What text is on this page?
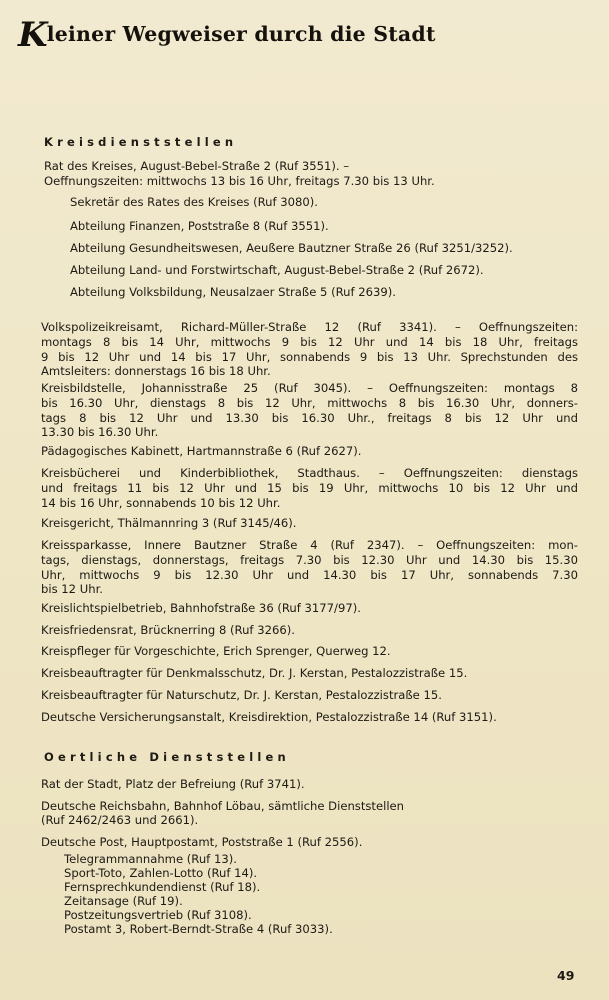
Kleiner Wegweiser durch die Stadt
Kreisdienststellen
Rat des Kreises, August-Bebel-Straße 2 (Ruf 3551). –
Oeffnungszeiten: mittwochs 13 bis 16 Uhr, freitags 7.30 bis 13 Uhr.
Sekretär des Rates des Kreises (Ruf 3080).
Abteilung Finanzen, Poststraße 8 (Ruf 3551).
Abteilung Gesundheitswesen, Aeußere Bautzner Straße 26 (Ruf 3251/3252).
Abteilung Land- und Forstwirtschaft, August-Bebel-Straße 2 (Ruf 2672).
Abteilung Volksbildung, Neusalzaer Straße 5 (Ruf 2639).
Volkspolizeikreisamt, Richard-Müller-Straße 12 (Ruf 3341). – Oeffnungszeiten:
montags 8 bis 14 Uhr, mittwochs 9 bis 12 Uhr und 14 bis 18 Uhr, freitags
9 bis 12 Uhr und 14 bis 17 Uhr, sonnabends 9 bis 13 Uhr. Sprechstunden des
Amtsleiters: donnerstags 16 bis 18 Uhr.
Kreisbildstelle, Johannisstraße 25 (Ruf 3045). – Oeffnungszeiten: montags 8
bis 16.30 Uhr, dienstags 8 bis 12 Uhr, mittwochs 8 bis 16.30 Uhr, donners-
tags 8 bis 12 Uhr und 13.30 bis 16.30 Uhr., freitags 8 bis 12 Uhr und
13.30 bis 16.30 Uhr.
Pädagogisches Kabinett, Hartmannstraße 6 (Ruf 2627).
Kreisbücherei und Kinderbibliothek, Stadthaus. – Oeffnungszeiten: dienstags
und freitags 11 bis 12 Uhr und 15 bis 19 Uhr, mittwochs 10 bis 12 Uhr und
14 bis 16 Uhr, sonnabends 10 bis 12 Uhr.
Kreisgericht, Thälmannring 3 (Ruf 3145/46).
Kreissparkasse, Innere Bautzner Straße 4 (Ruf 2347). – Oeffnungszeiten: mon-
tags, dienstags, donnerstags, freitags 7.30 bis 12.30 Uhr und 14.30 bis 15.30
Uhr, mittwochs 9 bis 12.30 Uhr und 14.30 bis 17 Uhr, sonnabends 7.30
bis 12 Uhr.
Kreislichtspielbetrieb, Bahnhofstraße 36 (Ruf 3177/97).
Kreisfriedensrat, Brücknerring 8 (Ruf 3266).
Kreispfleger für Vorgeschichte, Erich Sprenger, Querweg 12.
Kreisbeauftragter für Denkmalsschutz, Dr. J. Kerstan, Pestalozzistraße 15.
Kreisbeauftragter für Naturschutz, Dr. J. Kerstan, Pestalozzistraße 15.
Deutsche Versicherungsanstalt, Kreisdirektion, Pestalozzistraße 14 (Ruf 3151).
Oertliche Dienststellen
Rat der Stadt, Platz der Befreiung (Ruf 3741).
Deutsche Reichsbahn, Bahnhof Löbau, sämtliche Dienststellen
(Ruf 2462/2463 und 2661).
Deutsche Post, Hauptpostamt, Poststraße 1 (Ruf 2556).
Telegrammannahme (Ruf 13).
Sport-Toto, Zahlen-Lotto (Ruf 14).
Fernsprechkundendienst (Ruf 18).
Zeitansage (Ruf 19).
Postzeitungsvertrieb (Ruf 3108).
Postamt 3, Robert-Berndt-Straße 4 (Ruf 3033).
49
